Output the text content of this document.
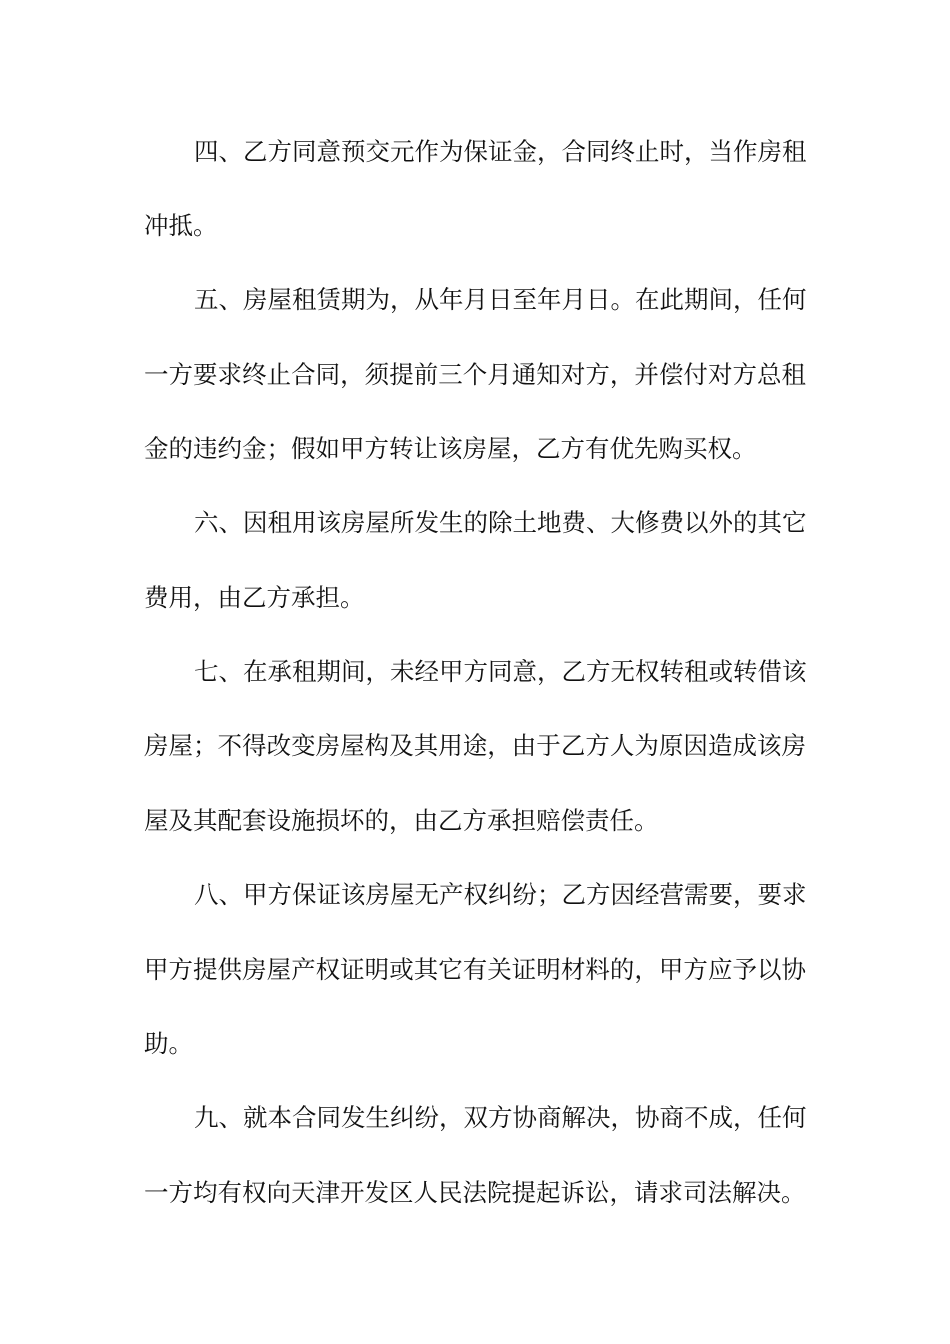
四、乙方同意预交元作为保证金，合同终止时，当作房租
冲抵。
五、房屋租赁期为，从年月日至年月日。在此期间，任何
一方要求终止合同，须提前三个月通知对方，并偿付对方总租
金的违约金；假如甲方转让该房屋，乙方有优先购买权。
六、因租用该房屋所发生的除土地费、大修费以外的其它
费用，由乙方承担。
七、在承租期间，未经甲方同意，乙方无权转租或转借该
房屋；不得改变房屋构及其用途，由于乙方人为原因造成该房
屋及其配套设施损坏的，由乙方承担赔偿责任。
八、甲方保证该房屋无产权纠纷；乙方因经营需要，要求
甲方提供房屋产权证明或其它有关证明材料的，甲方应予以协
助。
九、就本合同发生纠纷，双方协商解决，协商不成，任何
一方均有权向天津开发区人民法院提起诉讼，请求司法解决。
